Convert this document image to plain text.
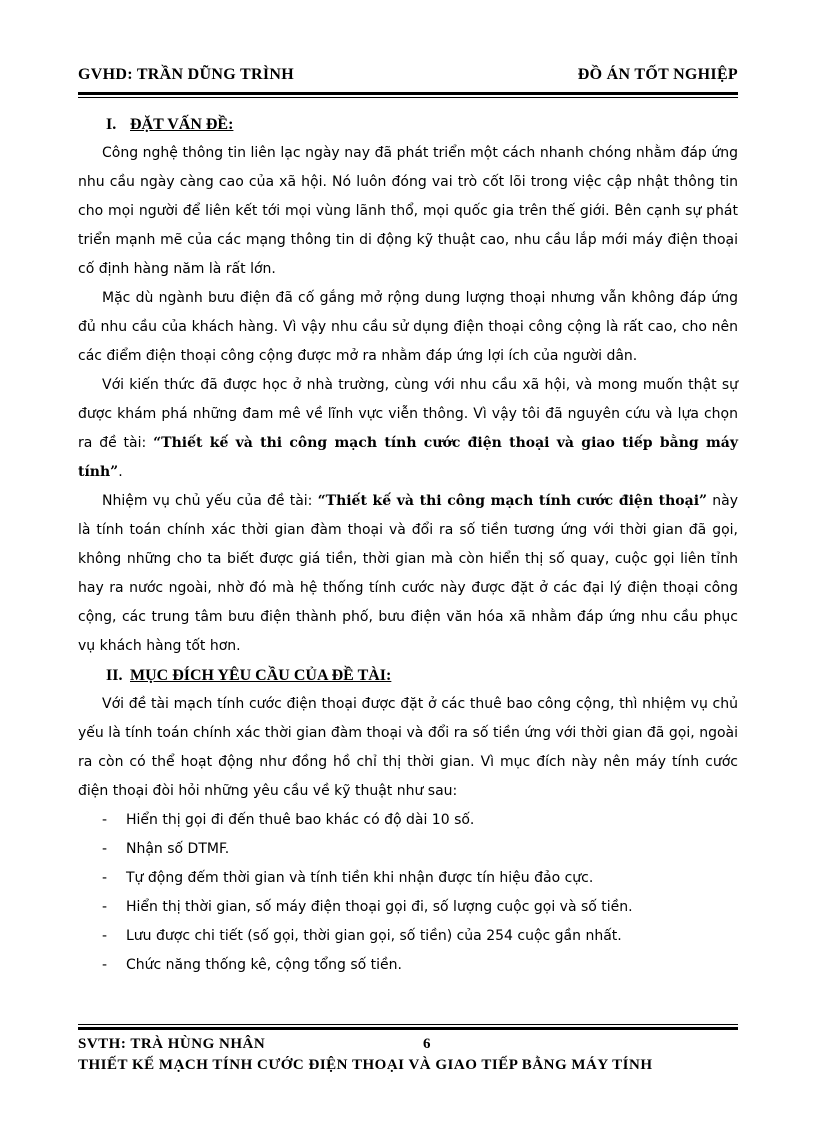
GVHD: TRẦN DŨNG TRÌNH	ĐỒ ÁN TỐT NGHIỆP

I. ĐẶT VẤN ĐỀ:

Công nghệ thông tin liên lạc ngày nay đã phát triển một cách nhanh chóng nhằm đáp ứng nhu cầu ngày càng cao của xã hội. Nó luôn đóng vai trò cốt lõi trong việc cập nhật thông tin cho mọi người để liên kết tới mọi vùng lãnh thổ, mọi quốc gia trên thế giới. Bên cạnh sự phát triển mạnh mẽ của các mạng thông tin di động kỹ thuật cao, nhu cầu lắp mới máy điện thoại cố định hàng năm là rất lớn.

Mặc dù ngành bưu điện đã cố gắng mở rộng dung lượng thoại nhưng vẫn không đáp ứng đủ nhu cầu của khách hàng. Vì vậy nhu cầu sử dụng điện thoại công cộng là rất cao, cho nên các điểm điện thoại công cộng được mở ra nhằm đáp ứng lợi ích của người dân.

Với kiến thức đã được học ở nhà trường, cùng với nhu cầu xã hội, và mong muốn thật sự được khám phá những đam mê về lĩnh vực viễn thông. Vì vậy tôi đã nguyên cứu và lựa chọn ra đề tài: “Thiết kế và thi công mạch tính cước điện thoại và giao tiếp bằng máy tính”.

Nhiệm vụ chủ yếu của đề tài: “Thiết kế và thi công mạch tính cước điện thoại” này là tính toán chính xác thời gian đàm thoại và đổi ra số tiền tương ứng với thời gian đã gọi, không những cho ta biết được giá tiền, thời gian mà còn hiển thị số quay, cuộc gọi liên tỉnh hay ra nước ngoài, nhờ đó mà hệ thống tính cước này được đặt ở các đại lý điện thoại công cộng, các trung tâm bưu điện thành phố, bưu điện văn hóa xã nhằm đáp ứng nhu cầu phục vụ khách hàng tốt hơn.

II. MỤC ĐÍCH YÊU CẦU CỦA ĐỀ TÀI:

Với đề tài mạch tính cước điện thoại được đặt ở các thuê bao công cộng, thì nhiệm vụ chủ yếu là tính toán chính xác thời gian đàm thoại và đổi ra số tiền ứng với thời gian đã gọi, ngoài ra còn có thể hoạt động như đồng hồ chỉ thị thời gian. Vì mục đích này nên máy tính cước điện thoại đòi hỏi những yêu cầu về kỹ thuật như sau:

- Hiển thị gọi đi đến thuê bao khác có độ dài 10 số.

- Nhận số DTMF.

- Tự động đếm thời gian và tính tiền khi nhận được tín hiệu đảo cực.

- Hiển thị thời gian, số máy điện thoại gọi đi, số lượng cuộc gọi và số tiền.

- Lưu được chi tiết (số gọi, thời gian gọi, số tiền) của 254 cuộc gần nhất.

- Chức năng thống kê, cộng tổng số tiền.

SVTH: TRÀ HÙNG NHÂN	6
THIẾT KẾ MẠCH TÍNH CƯỚC ĐIỆN THOẠI VÀ GIAO TIẾP BẰNG MÁY TÍNH
